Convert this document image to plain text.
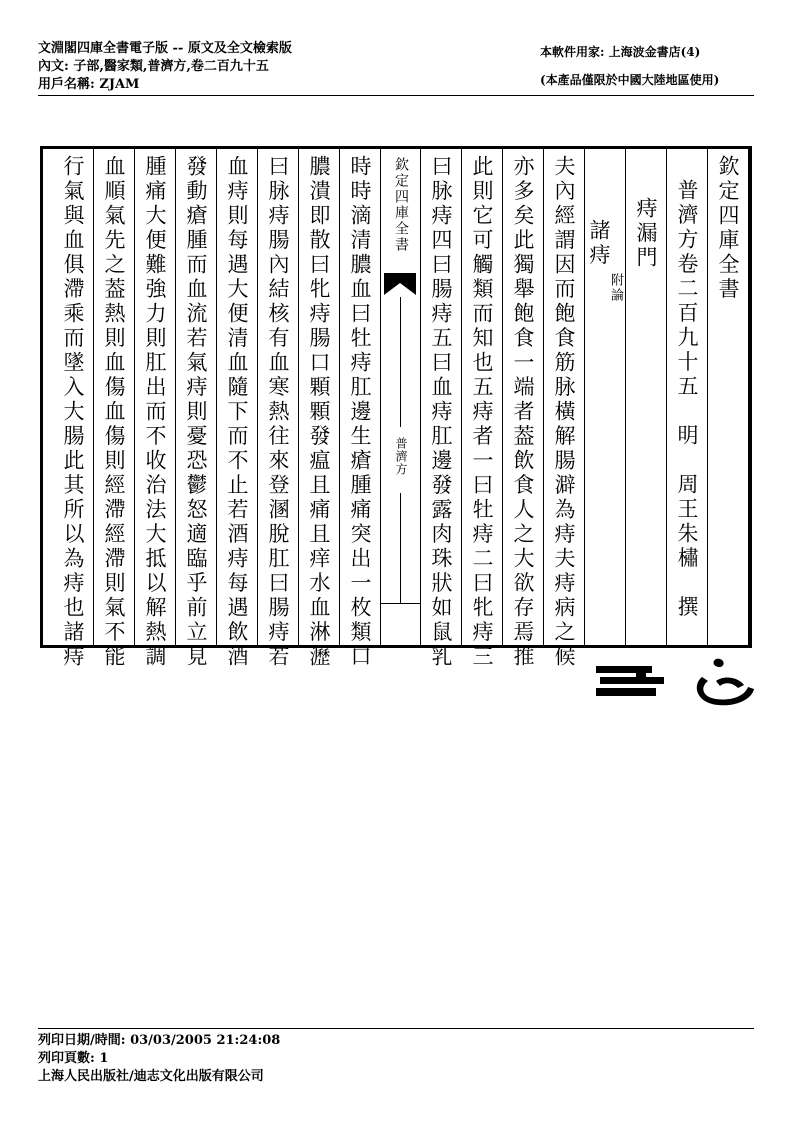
文淵閣四庫全書電子版 -- 原文及全文檢索版
內文: 子部,醫家類,普濟方,卷二百九十五
用戶名稱: ZJAM
本軟件用家: 上海波金書店(4)
(本產品僅限於中國大陸地區使用)
欽定四庫全書
普濟方卷二百九十五　明　周王朱橚　撰
痔漏門
諸痔
附論
夫內經謂因而飽食筋脉橫解腸澼為痔夫痔病之候
亦多矣此獨舉飽食一端者葢飲食人之大欲存焉推
此則它可觸類而知也五痔者一曰牡痔二曰牝痔三
曰脉痔四曰腸痔五曰血痔肛邊發露肉珠狀如鼠乳
欽定四庫全書
普濟方
時時滴清膿血曰牡痔肛邊生瘡腫痛突出一枚類口
膿潰即散曰牝痔腸口顆顆發瘟且痛且痒水血淋瀝
曰脉痔腸內結核有血寒熱往來登溷脫肛曰腸痔若
血痔則每遇大便清血隨下而不止若酒痔每遇飲酒
發動瘡腫而血流若氣痔則憂恐鬱怒適臨乎前立見
腫痛大便難強力則肛出而不收治法大抵以解熱調
血順氣先之葢熱則血傷血傷則經滯經滯則氣不能
行氣與血俱滯乘而墜入大腸此其所以為痔也諸痔
列印日期/時間: 03/03/2005 21:24:08
列印頁數: 1
上海人民出版社/迪志文化出版有限公司
